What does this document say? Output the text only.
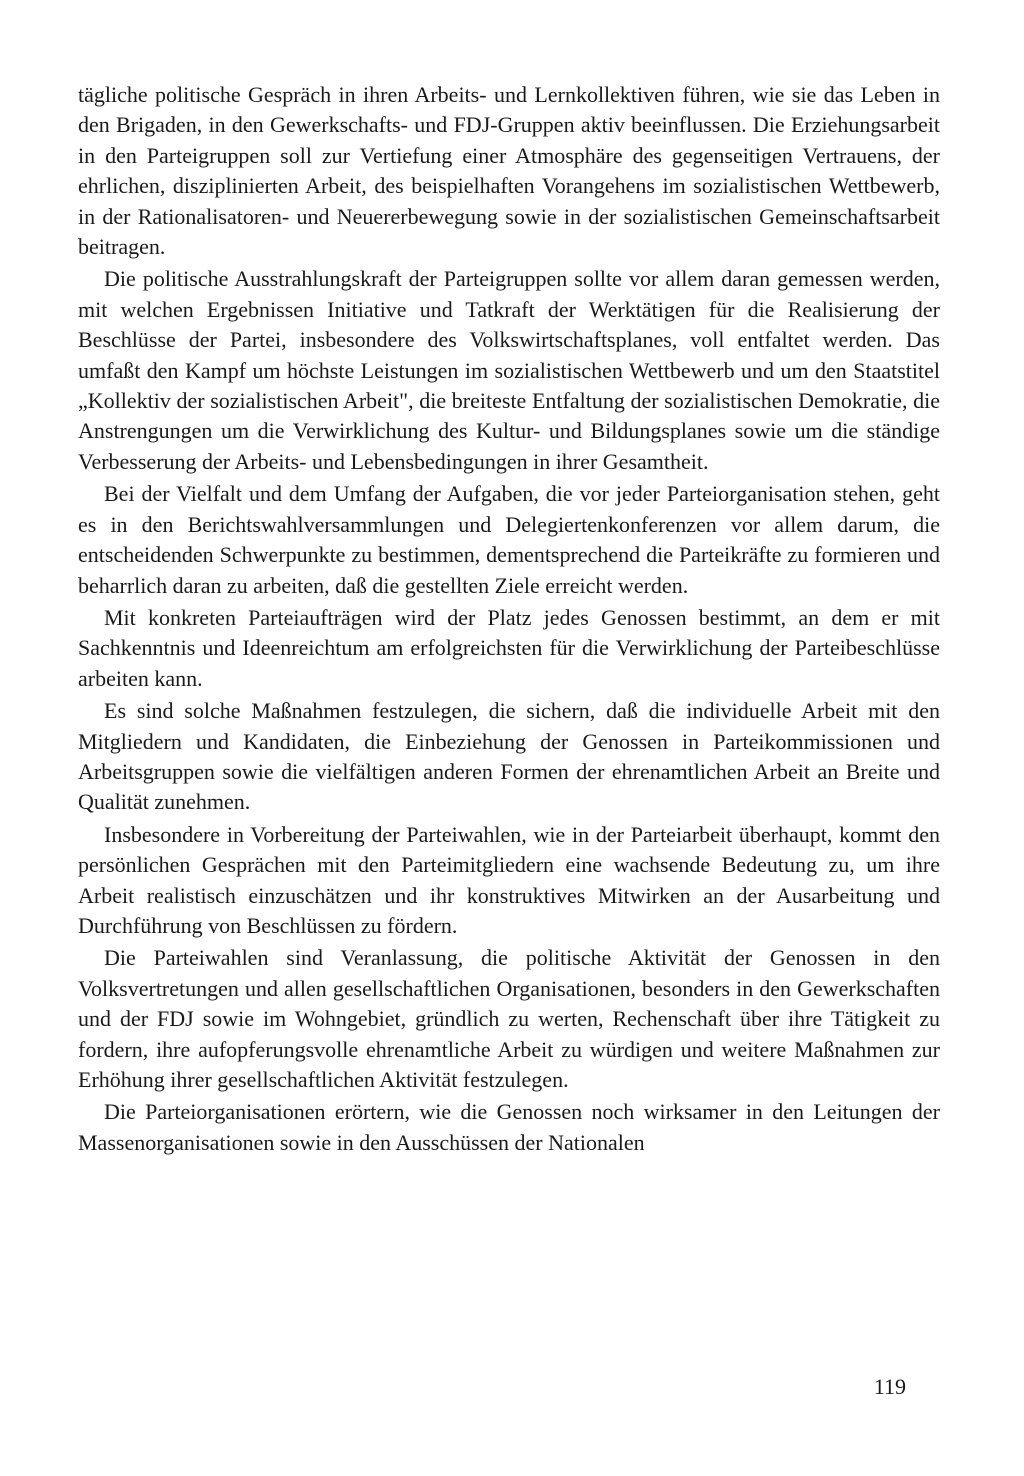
tägliche politische Gespräch in ihren Arbeits- und Lernkollektiven führen, wie sie das Leben in den Brigaden, in den Gewerkschafts- und FDJ-Gruppen aktiv beeinflussen. Die Erziehungsarbeit in den Parteigruppen soll zur Vertiefung einer Atmosphäre des gegenseitigen Vertrauens, der ehrlichen, disziplinierten Arbeit, des beispielhaften Vorangehens im sozialistischen Wettbewerb, in der Rationalisatoren- und Neuererbewegung sowie in der sozialistischen Gemeinschaftsarbeit beitragen.

Die politische Ausstrahlungskraft der Parteigruppen sollte vor allem daran gemessen werden, mit welchen Ergebnissen Initiative und Tatkraft der Werktätigen für die Realisierung der Beschlüsse der Partei, insbesondere des Volkswirtschaftsplanes, voll entfaltet werden. Das umfaßt den Kampf um höchste Leistungen im sozialistischen Wettbewerb und um den Staatstitel „Kollektiv der sozialistischen Arbeit", die breiteste Entfaltung der sozialistischen Demokratie, die Anstrengungen um die Verwirklichung des Kultur- und Bildungsplanes sowie um die ständige Verbesserung der Arbeits- und Lebensbedingungen in ihrer Gesamtheit.

Bei der Vielfalt und dem Umfang der Aufgaben, die vor jeder Parteiorganisation stehen, geht es in den Berichtswahlversammlungen und Delegiertenkonferenzen vor allem darum, die entscheidenden Schwerpunkte zu bestimmen, dementsprechend die Parteikräfte zu formieren und beharrlich daran zu arbeiten, daß die gestellten Ziele erreicht werden.

Mit konkreten Parteiaufträgen wird der Platz jedes Genossen bestimmt, an dem er mit Sachkenntnis und Ideenreichtum am erfolgreichsten für die Verwirklichung der Parteibeschlüsse arbeiten kann.

Es sind solche Maßnahmen festzulegen, die sichern, daß die individuelle Arbeit mit den Mitgliedern und Kandidaten, die Einbeziehung der Genossen in Parteikommissionen und Arbeitsgruppen sowie die vielfältigen anderen Formen der ehrenamtlichen Arbeit an Breite und Qualität zunehmen.

Insbesondere in Vorbereitung der Parteiwahlen, wie in der Parteiarbeit überhaupt, kommt den persönlichen Gesprächen mit den Parteimitgliedern eine wachsende Bedeutung zu, um ihre Arbeit realistisch einzuschätzen und ihr konstruktives Mitwirken an der Ausarbeitung und Durchführung von Beschlüssen zu fördern.

Die Parteiwahlen sind Veranlassung, die politische Aktivität der Genossen in den Volksvertretungen und allen gesellschaftlichen Organisationen, besonders in den Gewerkschaften und der FDJ sowie im Wohngebiet, gründlich zu werten, Rechenschaft über ihre Tätigkeit zu fordern, ihre aufopferungsvolle ehrenamtliche Arbeit zu würdigen und weitere Maßnahmen zur Erhöhung ihrer gesellschaftlichen Aktivität festzulegen.

Die Parteiorganisationen erörtern, wie die Genossen noch wirksamer in den Leitungen der Massenorganisationen sowie in den Ausschüssen der Nationalen

119
